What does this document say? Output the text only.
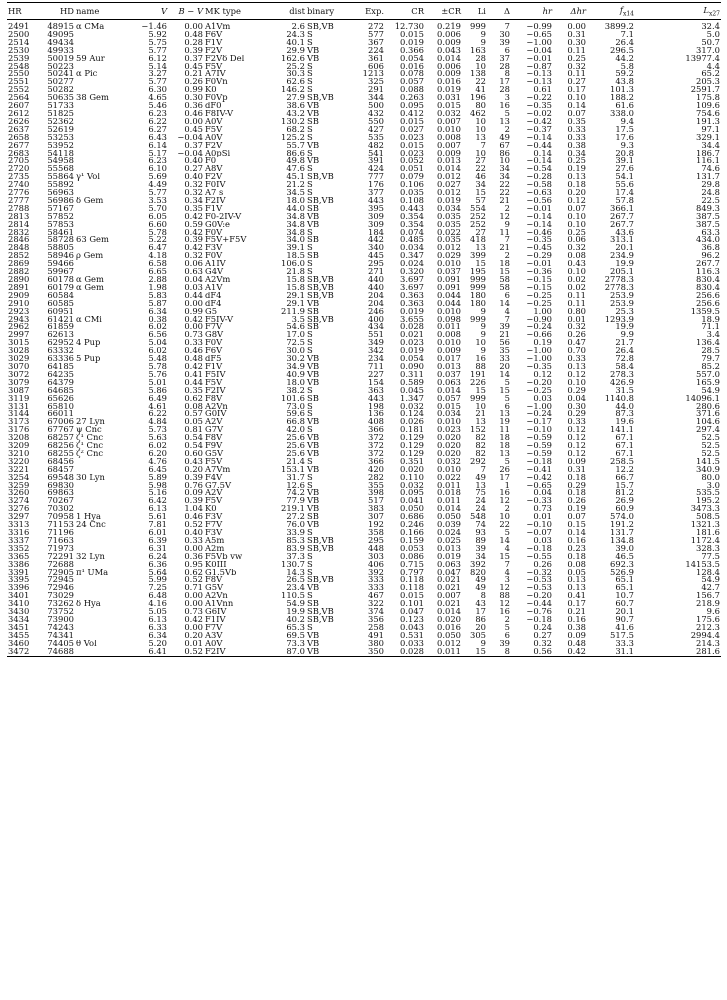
HR	HD	name	V	B − V	MK type	dist	binary	Exp.	CR	±CR	Li	Δ	hr	Δhr	$f_{x14}$	$L_{x27}$
2491	48915	α CMa	−1.46	0.00	A1Vm	2.6	SB,VB	272	12.730	0.219	999	7	−0.99	0.00	3899.2	32.4
2500	49095		5.92	0.48	F6V	24.3	S	577	0.015	0.006	9	30	−0.65	0.31	7.1	5.0
2514	49434		5.75	0.28	F1V	40.1	S	367	0.019	0.009	9	39	−1.00	0.30	26.4	50.7
2530	49933		5.77	0.39	F2V	29.9	VB	224	0.366	0.043	163	6	−0.04	0.11	296.5	317.0
2539	50019	59 Aur	6.12	0.37	F2Vδ Del	162.6	VB	361	0.054	0.014	28	37	−0.01	0.25	44.2	13977.4
2548	50223		5.14	0.45	F5V	25.2	S	606	0.016	0.006	10	28	−0.87	0.32	5.8	4.4
2550	50241	α Pic	3.27	0.21	A7IV	30.3	S	1213	0.078	0.009	138	8	−0.13	0.11	59.2	65.2
2551	50277		5.77	0.26	F0Vn	62.6	S	325	0.057	0.016	22	17	−0.13	0.27	43.8	205.3
2552	50282		6.30	0.99	K0	146.2	S	291	0.088	0.019	41	28	0.61	0.17	101.3	2591.7
2564	50635	38 Gem	4.65	0.30	F0Vp	27.9	SB,VB	344	0.263	0.031	196	3	−0.22	0.10	188.2	175.8
2607	51733		5.46	0.36	dF0	38.6	VB	500	0.095	0.015	80	16	−0.35	0.14	61.6	109.6
2612	51825		6.23	0.46	F8IV-V	43.2	VB	432	0.412	0.032	462	5	−0.02	0.07	338.0	754.6
2626	52362		6.22	0.00	A0V	130.2	SB	550	0.015	0.007	10	13	−0.42	0.35	9.4	191.3
2637	52619		6.27	0.45	F5V	68.2	S	427	0.027	0.010	10	2	−0.37	0.33	17.5	97.1
2658	53253		6.43	−0.04	A0V	125.2	S	535	0.023	0.008	13	49	−0.14	0.33	17.6	329.1
2677	53952		6.14	0.37	F2V	55.7	VB	482	0.015	0.007	7	67	−0.44	0.38	9.3	34.4
2683	54118		5.17	−0.04	A0pSi	86.6	S	541	0.023	0.009	10	86	0.14	0.34	20.8	186.7
2705	54958		6.23	0.40	F0	49.8	VB	391	0.052	0.013	27	10	−0.14	0.25	39.1	116.1
2720	55568		6.10	0.27	A8V	47.6	S	424	0.051	0.014	22	34	−0.54	0.19	27.6	74.6
2735	55864	γ¹ Vol	5.69	0.40	F2V	45.1	SB,VB	777	0.079	0.012	46	34	−0.28	0.13	54.1	131.7
2740	55892		4.49	0.32	F0IV	21.2	S	176	0.106	0.027	34	22	−0.58	0.18	55.6	29.8
2776	56963		5.77	0.32	A7 s	34.5	S	377	0.035	0.012	15	22	−0.63	0.20	17.4	24.8
2777	56986	δ Gem	3.53	0.34	F2IV	18.0	SB,VB	443	0.108	0.019	57	21	−0.56	0.12	57.8	22.5
2788	57167		5.70	0.35	F1V	44.0	SB	395	0.443	0.034	554	2	−0.01	0.07	366.1	849.3
2813	57852		6.05	0.42	F0-2IV-V	34.8	VB	309	0.354	0.035	252	12	−0.14	0.10	267.7	387.5
2814	57853		6.60	0.59	G0V:e	34.8	VB	309	0.354	0.035	252	9	−0.14	0.10	267.7	387.5
2832	58461		5.78	0.42	F0V	34.8	S	184	0.074	0.022	27	11	−0.46	0.25	43.6	63.3
2846	58728	63 Gem	5.22	0.39	F5V+F5V	34.0	SB	442	0.485	0.035	418	7	−0.35	0.06	313.1	434.0
2848	58805		6.47	0.42	F3V	39.1	S	340	0.034	0.012	13	21	−0.45	0.32	20.1	36.8
2852	58946	ρ Gem	4.18	0.32	F0V	18.5	SB	445	0.347	0.029	399	2	−0.29	0.08	234.9	96.2
2869	59466		6.58	0.06	A1IV	106.0	S	295	0.024	0.010	15	18	−0.01	0.43	19.9	267.7
2882	59967		6.65	0.63	G4V	21.8	S	271	0.320	0.037	195	15	−0.36	0.10	205.1	116.3
2890	60178	α Gem	2.88	0.04	A2Vm	15.8	SB,VB	440	3.697	0.091	999	58	−0.15	0.02	2778.3	830.4
2891	60179	α Gem	1.98	0.03	A1V	15.8	SB,VB	440	3.697	0.091	999	58	−0.15	0.02	2778.3	830.4
2909	60584		5.83	0.44	dF4	29.1	SB,VB	204	0.363	0.044	180	6	−0.25	0.11	253.9	256.6
2910	60585		5.87	0.00	dF4	29.1	VB	204	0.363	0.044	180	14	−0.25	0.11	253.9	256.6
2923	60951		6.34	0.99	G5	211.9	SB	246	0.019	0.010	9	4	1.00	0.80	25.3	1359.5
2943	61421	α CMi	0.38	0.42	F5IV-V	3.5	SB,VB	400	3.655	0.098	999	7	−0.90	0.01	1293.9	18.9
2962	61859		6.02	0.00	F7V	54.6	SB	434	0.028	0.011	9	39	−0.24	0.32	19.9	71.1
2997	62613		6.56	0.73	G8V	17.0	S	551	0.021	0.008	9	21	−0.66	0.26	9.9	3.4
3015	62952	4 Pup	5.04	0.33	F0V	72.5	S	349	0.023	0.010	10	56	0.19	0.47	21.7	136.4
3028	63332		6.02	0.46	F6V	30.0	S	342	0.019	0.009	9	35	−1.00	0.70	26.4	28.5
3029	63336	5 Pup	5.48	0.48	dF5	30.2	VB	234	0.054	0.017	16	33	−1.00	0.33	72.8	79.7
3070	64185		5.78	0.42	F1V	34.9	VB	711	0.090	0.013	88	20	−0.35	0.13	58.4	85.2
3072	64235		5.76	0.41	F5IV	40.9	VB	227	0.311	0.037	191	14	0.12	0.12	278.3	557.0
3079	64379		5.01	0.44	F5V	18.0	VB	154	0.589	0.063	226	5	−0.20	0.10	426.9	165.9
3087	64685		5.86	0.35	F2IV	38.2	S	363	0.045	0.014	15	15	−0.25	0.29	31.5	54.9
3119	65626		6.49	0.62	F8V	101.6	SB	443	1.347	0.057	999	5	0.03	0.04	1140.8	14096.1
3131	65810		4.61	0.08	A2Vn	73.0	S	198	0.032	0.015	10	6	−1.00	0.30	44.0	280.6
3144	66011		6.22	0.57	G0IV	59.6	S	136	0.124	0.034	21	13	−0.24	0.29	87.3	371.6
3173	67006	27 Lyn	4.84	0.05	A2V	66.8	VB	408	0.026	0.010	13	19	−0.17	0.33	19.6	104.6
3176	67767	ψ Cnc	5.73	0.81	G7V	42.0	S	366	0.181	0.023	152	11	−0.10	0.12	141.1	297.4
3208	68257	ζ¹ Cnc	5.63	0.54	F8V	25.6	VB	372	0.129	0.020	82	18	−0.59	0.12	67.1	52.5
3209	68256	ζ¹ Cnc	6.02	0.54	F9V	25.6	VB	372	0.129	0.020	82	18	−0.59	0.12	67.1	52.5
3210	68255	ζ² Cnc	6.20	0.60	G5V	25.6	VB	372	0.129	0.020	82	13	−0.59	0.12	67.1	52.5
3220	68456		4.76	0.43	F5V	21.4	S	366	0.351	0.032	292	5	−0.18	0.09	258.5	141.5
3221	68457		6.45	0.20	A7Vm	153.1	VB	420	0.020	0.010	7	26	−0.41	0.31	12.2	340.9
3254	69548	30 Lyn	5.89	0.39	F4V	31.7	S	282	0.110	0.022	49	17	−0.42	0.18	66.7	80.0
3259	69830		5.98	0.76	G7.5V	12.6	S	355	0.032	0.011	13	1	−0.65	0.29	15.7	3.0
3260	69863		5.16	0.09	A2V	74.2	VB	398	0.095	0.018	75	16	0.04	0.18	81.2	535.5
3274	70267		6.42	0.39	F5V	77.9	VB	517	0.041	0.011	24	12	−0.33	0.26	26.9	195.2
3276	70302		6.13	1.04	K0	219.1	VB	383	0.050	0.014	24	2	0.73	0.19	60.9	3473.3
3297	70958	1 Hya	5.61	0.46	F3V	27.2	SB	307	0.686	0.050	548	10	0.01	0.07	574.0	508.5
3313	71153	24 Cnc	7.81	0.52	F7V	76.0	VB	192	0.246	0.039	74	22	−0.10	0.15	191.2	1321.3
3316	71196		6.01	0.40	F3V	33.9	S	358	0.166	0.024	93	5	−0.07	0.14	131.7	181.6
3337	71663		6.39	0.33	A5m	85.3	SB,VB	295	0.159	0.025	89	14	0.03	0.16	134.8	1172.4
3352	71973		6.31	0.00	A2m	83.9	SB,VB	448	0.053	0.013	39	4	−0.18	0.23	39.0	328.3
3365	72291	32 Lyn	6.24	0.36	F5Vb vw	37.3	S	303	0.086	0.019	34	15	−0.55	0.18	46.5	77.5
3386	72688		6.36	0.95	K0III	130.7	S	406	0.715	0.063	392	7	0.26	0.08	692.3	14153.5
3391	72905	π¹ UMa	5.64	0.62	G1.5Vb	14.3	S	392	0.797	0.047	820	4	−0.32	0.05	526.9	128.4
3395	72945		5.99	0.52	F8V	26.5	SB,VB	333	0.118	0.021	49	3	−0.53	0.13	65.1	54.9
3396	72946		7.25	0.71	G5V	23.4	VB	333	0.118	0.021	49	12	−0.53	0.13	65.1	42.7
3401	73029		6.48	0.00	A2Vn	110.5	S	467	0.015	0.007	8	88	−0.20	0.41	10.7	156.7
3410	73262	δ Hya	4.16	0.00	A1Vnn	54.9	SB	322	0.101	0.021	43	12	−0.44	0.17	60.7	218.9
3430	73752		5.05	0.73	G6IV	19.9	SB,VB	374	0.047	0.014	17	16	−0.76	0.21	20.1	9.6
3434	73900		6.13	0.42	F1IV	40.2	SB,VB	356	0.123	0.020	86	2	−0.18	0.16	90.7	175.6
3451	74243		6.33	0.00	F7V	65.3	S	258	0.043	0.016	20	5	0.24	0.38	41.6	212.3
3455	74341		6.34	0.20	A3V	69.5	VB	491	0.531	0.050	305	6	0.27	0.09	517.5	2994.4
3460	74405	θ Vol	5.20	0.01	A0V	73.3	VB	380	0.033	0.012	9	39	0.32	0.48	33.3	214.3
3472	74688		6.41	0.52	F2IV	87.0	VB	350	0.028	0.011	15	8	0.56	0.42	31.1	281.6
